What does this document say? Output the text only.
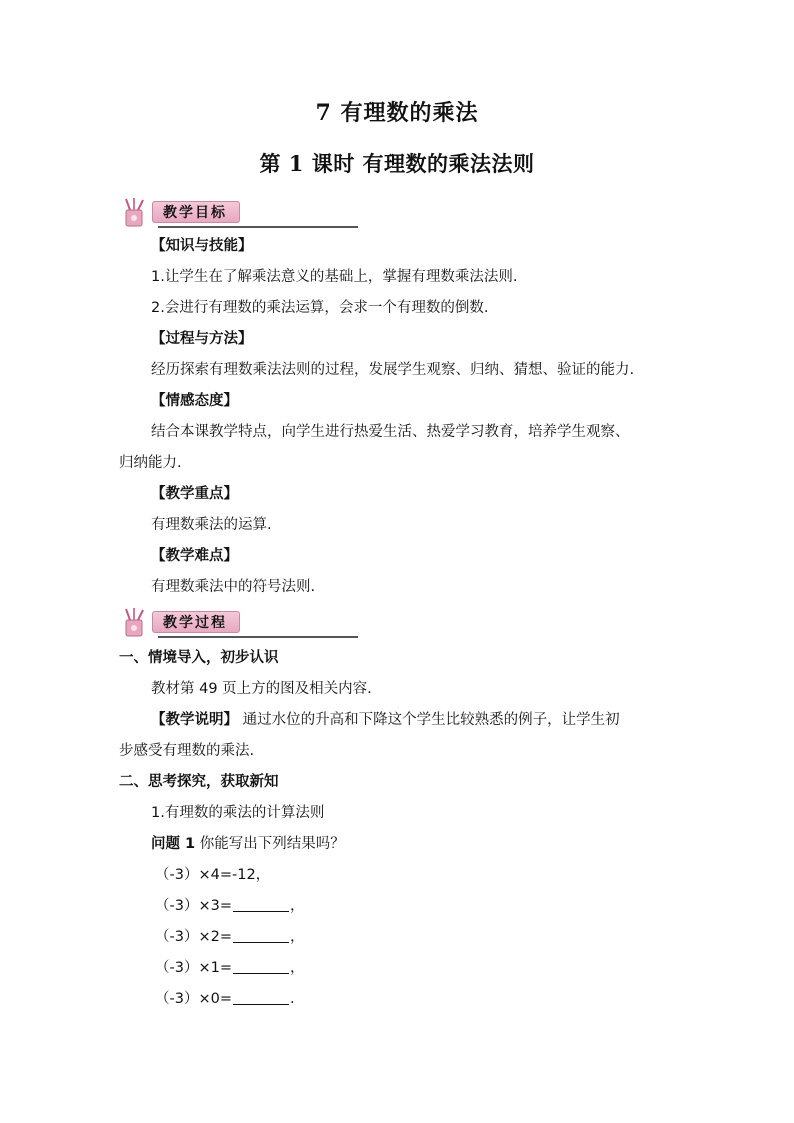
7 有理数的乘法
第 1 课时 有理数的乘法法则
教学目标
【知识与技能】
1.让学生在了解乘法意义的基础上，掌握有理数乘法法则.
2.会进行有理数的乘法运算，会求一个有理数的倒数.
【过程与方法】
经历探索有理数乘法法则的过程，发展学生观察、归纳、猜想、验证的能力.
【情感态度】
结合本课教学特点，向学生进行热爱生活、热爱学习教育，培养学生观察、
归纳能力.
【教学重点】
有理数乘法的运算.
【教学难点】
有理数乘法中的符号法则.
教学过程
一、情境导入，初步认识
教材第 49 页上方的图及相关内容.
【教学说明】 通过水位的升高和下降这个学生比较熟悉的例子，让学生初
步感受有理数的乘法.
二、思考探究，获取新知
1.有理数的乘法的计算法则
问题 1 你能写出下列结果吗？
（-3）×4=-12，
（-3）×3=	，
（-3）×2=	，
（-3）×1=	，
（-3）×0=	.
